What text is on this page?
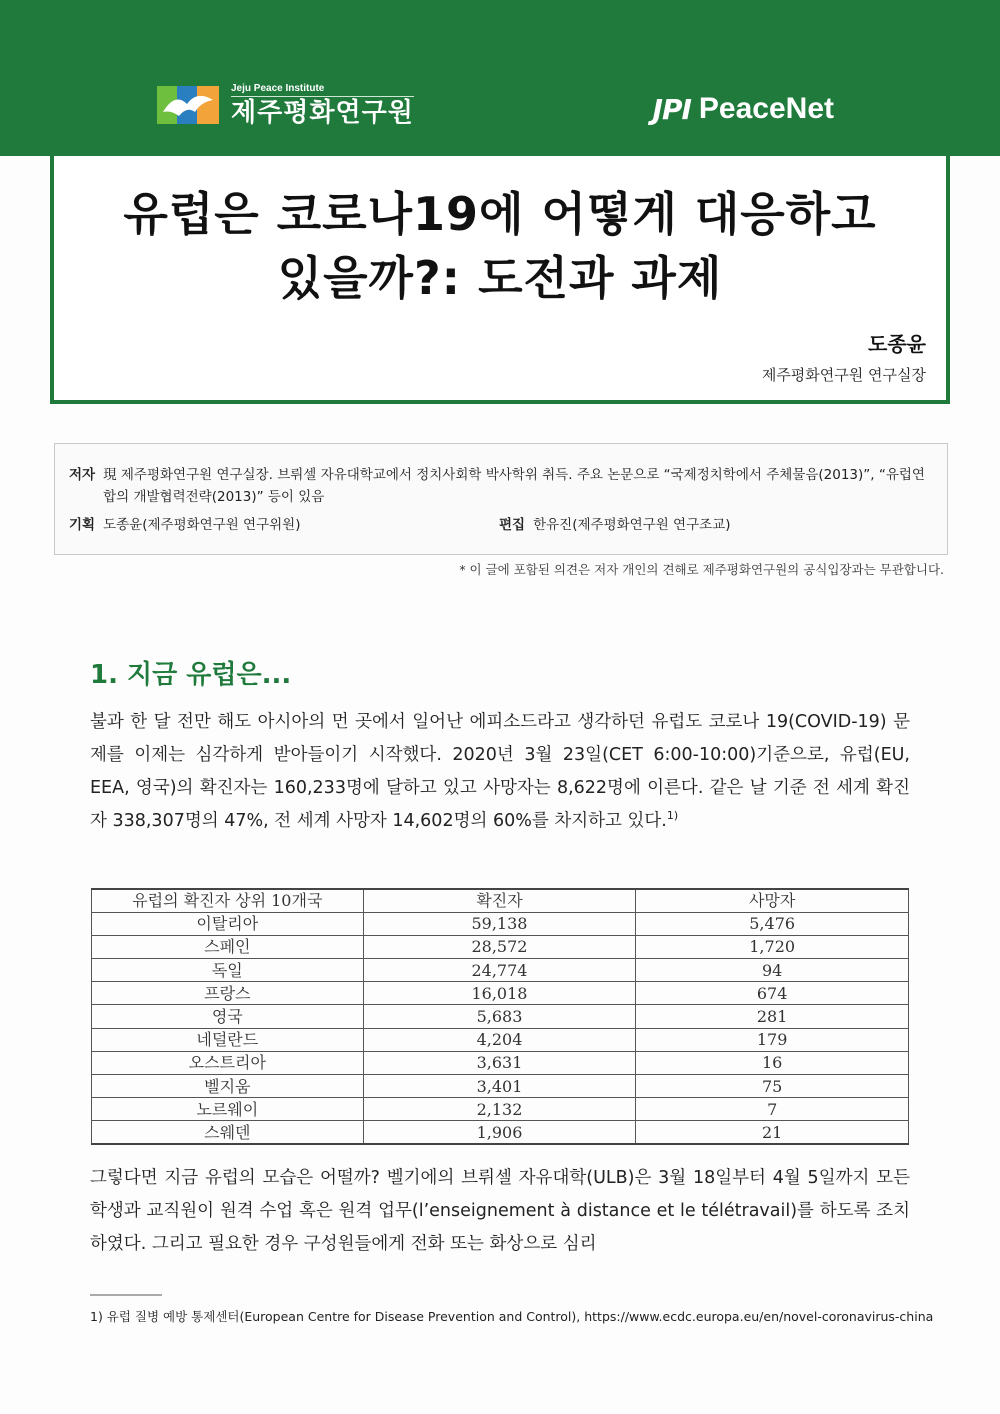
Jeju Peace Institute
제주평화연구원	JPI PeaceNet
유럽은 코로나19에 어떻게 대응하고
있을까?: 도전과 과제
도종윤
제주평화연구원 연구실장
저자 現 제주평화연구원 연구실장. 브뤼셀 자유대학교에서 정치사회학 박사학위 취득. 주요 논문으로 “국제정치학에서 주체물음(2013)”, “유럽연합의 개발협력전략(2013)” 등이 있음
기획 도종윤(제주평화연구원 연구위원)	편집 한유진(제주평화연구원 연구조교)
* 이 글에 포함된 의견은 저자 개인의 견해로 제주평화연구원의 공식입장과는 무관합니다.
1. 지금 유럽은...

불과 한 달 전만 해도 아시아의 먼 곳에서 일어난 에피소드라고 생각하던 유럽도 코로나 19(COVID-19) 문제를 이제는 심각하게 받아들이기 시작했다. 2020년 3월 23일(CET 6:00-10:00)기준으로, 유럽(EU, EEA, 영국)의 확진자는 160,233명에 달하고 있고 사망자는 8,622명에 이른다. 같은 날 기준 전 세계 확진자 338,307명의 47%, 전 세계 사망자 14,602명의 60%를 차지하고 있다.$^{1)}$

유럽의 확진자 상위 10개국	확진자	사망자
이탈리아	59,138	5,476
스페인	28,572	1,720
독일	24,774	94
프랑스	16,018	674
영국	5,683	281
네덜란드	4,204	179
오스트리아	3,631	16
벨지움	3,401	75
노르웨이	2,132	7
스웨덴	1,906	21

그렇다면 지금 유럽의 모습은 어떨까? 벨기에의 브뤼셀 자유대학(ULB)은 3월 18일부터 4월 5일까지 모든 학생과 교직원이 원격 수업 혹은 원격 업무(l’enseignement à distance et le télétravail)를 하도록 조치하였다. 그리고 필요한 경우 구성원들에게 전화 또는 화상으로 심리

1) 유럽 질병 예방 통제센터(European Centre for Disease Prevention and Control), https://www.ecdc.europa.eu/en/novel-coronavirus-china
